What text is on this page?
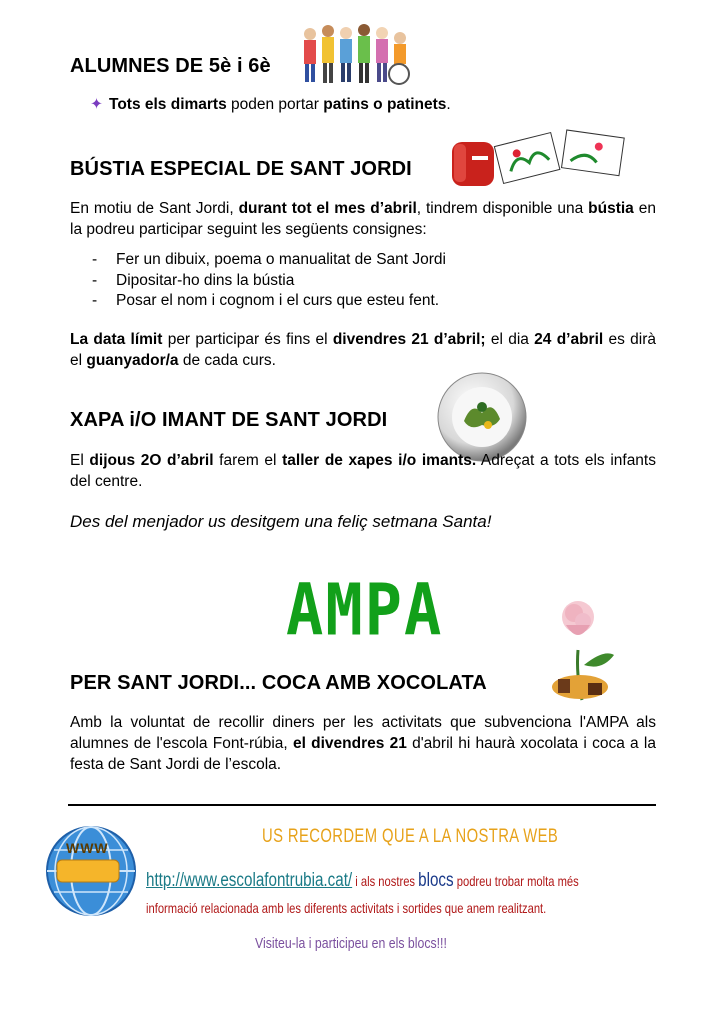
ALUMNES DE 5è i 6è
✦ Tots els dimarts poden portar patins o patinets.
BÚSTIA ESPECIAL DE SANT JORDI
En motiu de Sant Jordi, durant tot el mes d’abril, tindrem disponible una bústia en la podreu participar seguint les següents consignes:
- Fer un dibuix, poema o manualitat de Sant Jordi
- Dipositar-ho dins la bústia
- Posar el nom i cognom i el curs que esteu fent.
La data límit per participar és fins el divendres 21 d’abril; el dia 24 d’abril es dirà el guanyador/a de cada curs.
XAPA i/O IMANT DE SANT JORDI
El dijous 2O d’abril farem el taller de xapes i/o imants. Adreçat a tots els infants del centre.
Des del menjador us desitgem una feliç setmana Santa!
AMPA
PER SANT JORDI... COCA AMB XOCOLATA
Amb la voluntat de recollir diners per les activitats que subvenciona l'AMPA als alumnes de l'escola Font-rúbia, el divendres 21 d'abril hi haurà xocolata i coca a la festa de Sant Jordi de l’escola.
WWW
US RECORDEM QUE A LA NOSTRA WEB
http://www.escolafontrubia.cat/ i als nostres blocs podreu trobar molta més
informació relacionada amb les diferents activitats i sortides que anem realitzant.
Visiteu-la i participeu en els blocs!!!
